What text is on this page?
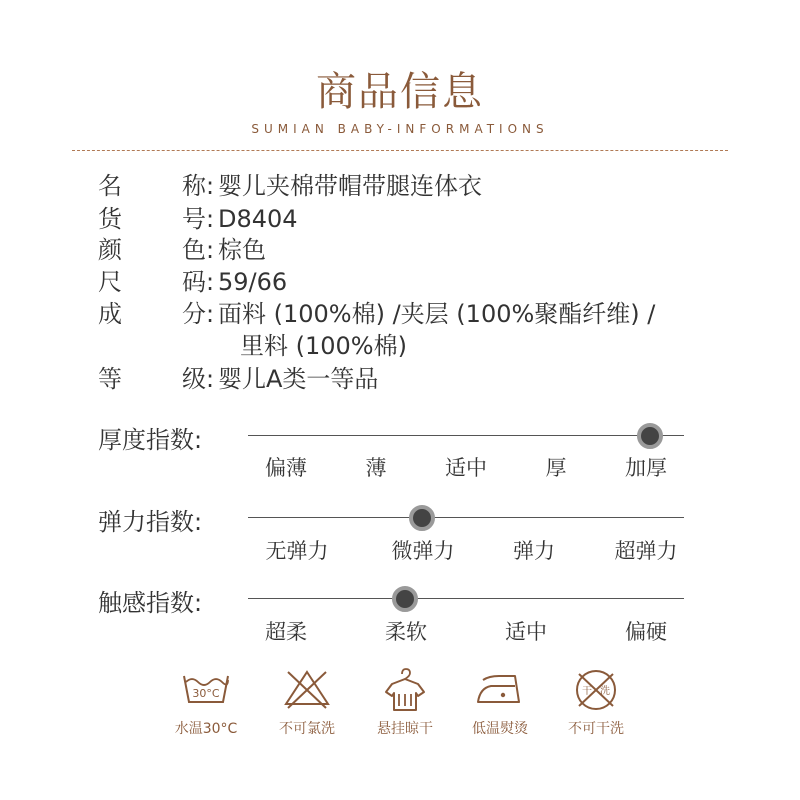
商品信息
SUMIAN BABY-INFORMATIONS
名	称: 婴儿夹棉带帽带腿连体衣
货	号: D8404
颜	色: 棕色
尺	码: 59/66
成	分: 面料 (100%棉) /夹层 (100%聚酯纤维) /
里料 (100%棉)
等	级: 婴儿A类一等品
厚度指数:
偏薄	薄	适中	厚	加厚
弹力指数:
无弹力	微弹力	弹力	超弹力
触感指数:
超柔	柔软	适中	偏硬
30°C
水温30°C	不可氯洗	悬挂晾干	低温熨烫
干 洗
不可干洗
